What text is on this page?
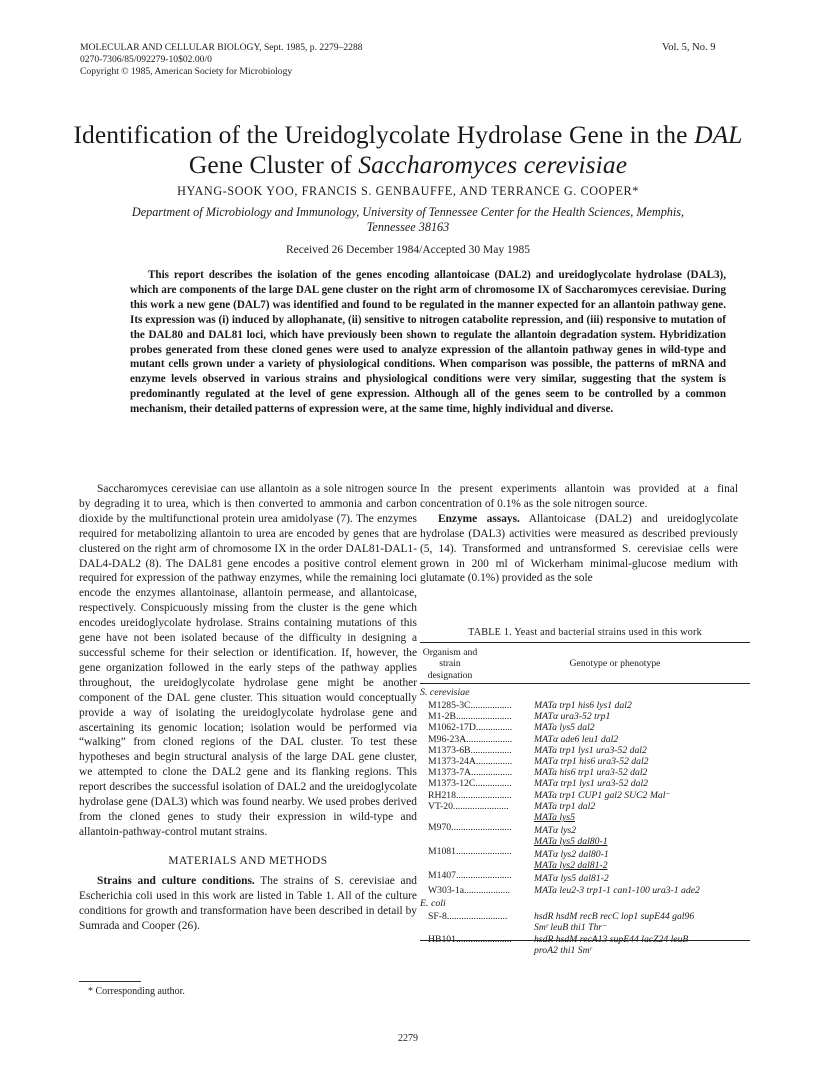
MOLECULAR AND CELLULAR BIOLOGY, Sept. 1985, p. 2279–2288
0270-7306/85/092279-10$02.00/0
Copyright © 1985, American Society for Microbiology
Vol. 5, No. 9
Identification of the Ureidoglycolate Hydrolase Gene in the DAL
Gene Cluster of Saccharomyces cerevisiae
HYANG-SOOK YOO, FRANCIS S. GENBAUFFE, AND TERRANCE G. COOPER*
Department of Microbiology and Immunology, University of Tennessee Center for the Health Sciences, Memphis,
Tennessee 38163
Received 26 December 1984/Accepted 30 May 1985
This report describes the isolation of the genes encoding allantoicase (DAL2) and ureidoglycolate hydrolase (DAL3), which are components of the large DAL gene cluster on the right arm of chromosome IX of Saccharomyces cerevisiae. During this work a new gene (DAL7) was identified and found to be regulated in the manner expected for an allantoin pathway gene. Its expression was (i) induced by allophanate, (ii) sensitive to nitrogen catabolite repression, and (iii) responsive to mutation of the DAL80 and DAL81 loci, which have previously been shown to regulate the allantoin degradation system. Hybridization probes generated from these cloned genes were used to analyze expression of the allantoin pathway genes in wild-type and mutant cells grown under a variety of physiological conditions. When comparison was possible, the patterns of mRNA and enzyme levels observed in various strains and physiological conditions were very similar, suggesting that the system is predominantly regulated at the level of gene expression. Although all of the genes seem to be controlled by a common mechanism, their detailed patterns of expression were, at the same time, highly individual and diverse.

Saccharomyces cerevisiae can use allantoin as a sole nitrogen source by degrading it to urea, which is then converted to ammonia and carbon dioxide by the multifunctional protein urea amidolyase (7). The enzymes required for metabolizing allantoin to urea are encoded by genes that are clustered on the right arm of chromosome IX in the order DAL81-DAL1-DAL4-DAL2 (8). The DAL81 gene encodes a positive control element required for expression of the pathway enzymes, while the remaining loci encode the enzymes allantoinase, allantoin permease, and allantoicase, respectively. Conspicuously missing from the cluster is the gene which encodes ureidoglycolate hydrolase. Strains containing mutations of this gene have not been isolated because of the difficulty in designing a successful scheme for their selection or identification. If, however, the gene organization followed in the early steps of the pathway applies throughout, the ureidoglycolate hydrolase gene might be another component of the DAL gene cluster. This situation would conceptually provide a way of isolating the ureidoglycolate hydrolase gene and ascertaining its genomic location; isolation would be performed via “walking” from cloned regions of the DAL cluster. To test these hypotheses and begin structural analysis of the large DAL gene cluster, we attempted to clone the DAL2 gene and its flanking regions. This report describes the successful isolation of DAL2 and the ureidoglycolate hydrolase gene (DAL3) which was found nearby. We used probes derived from the cloned genes to study their expression in wild-type and allantoin-pathway-control mutant strains.

MATERIALS AND METHODS

Strains and culture conditions. The strains of S. cerevisiae and Escherichia coli used in this work are listed in Table 1. All of the culture conditions for growth and transformation have been described in detail by Sumrada and Cooper (26).

* Corresponding author.

In the present experiments allantoin was provided at a final concentration of 0.1% as the sole nitrogen source.

Enzyme assays. Allantoicase (DAL2) and ureidoglycolate hydrolase (DAL3) activities were measured as described previously (5, 14). Transformed and untransformed S. cerevisiae cells were grown in 200 ml of Wickerham minimal-glucose medium with glutamate (0.1%) provided as the sole

TABLE 1. Yeast and bacterial strains used in this work
Organism and strain designation
Genotype or phenotype
S. cerevisiae
M1285-3C................. MATa trp1 his6 lys1 dal2
M1-2B....................... MATα ura3-52 trp1
M1062-17D............... MATa lys5 dal2
M96-23A................... MATα ade6 leu1 dal2
M1373-6B................. MATa trp1 lys1 ura3-52 dal2
M1373-24A............... MATα trp1 his6 ura3-52 dal2
M1373-7A................. MATa his6 trp1 ura3-52 dal2
M1373-12C............... MATα trp1 lys1 ura3-52 dal2
RH218....................... MATa trp1 CUP1 gal2 SUC2 Mal⁻
VT-20.......................	MATa trp1 dal2
MATa lys5
M970......................... MATα lys2
MATa lys5 dal80-1
M1081....................... MATα lys2 dal80-1
MATa lys2 dal81-2
M1407....................... MATα lys5 dal81-2
W303-1a................... MATa leu2-3 trp1-1 can1-100 ura3-1 ade2
E. coli
SF-8.........................	hsdR hsdM recB recC lop1 supE44 gal96
Smʳ leuB thi1 Thr⁻
HB101....................... hsdR hsdM recA13 supE44 lacZ24 leuB
proA2 thi1 Smʳ
2279
